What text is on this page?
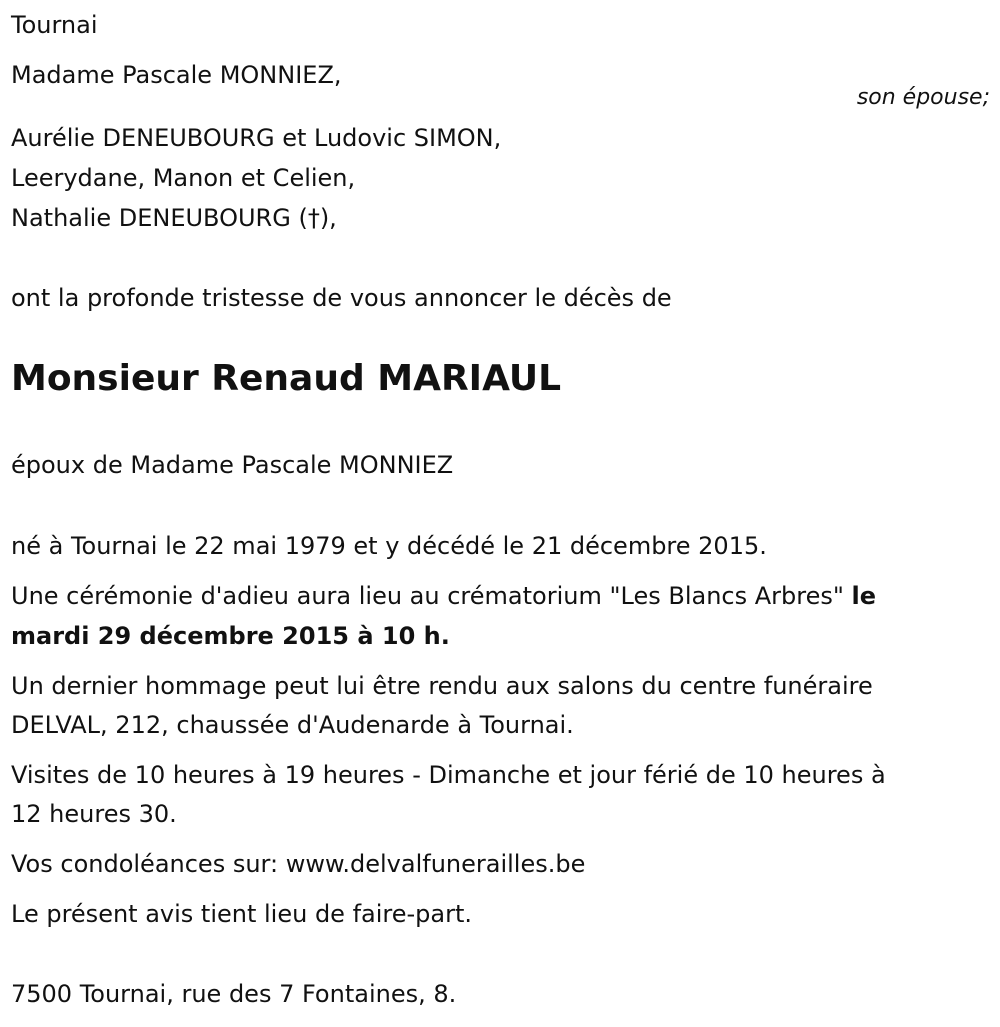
Tournai
Madame Pascale MONNIEZ,
son épouse;
Aurélie DENEUBOURG et Ludovic SIMON,
Leerydane, Manon et Celien,
Nathalie DENEUBOURG (†),
ont la profonde tristesse de vous annoncer le décès de
Monsieur Renaud MARIAUL
époux de Madame Pascale MONNIEZ
né à Tournai le 22 mai 1979 et y décédé le 21 décembre 2015.
Une cérémonie d'adieu aura lieu au crématorium "Les Blancs Arbres" le
mardi 29 décembre 2015 à 10 h.
Un dernier hommage peut lui être rendu aux salons du centre funéraire
DELVAL, 212, chaussée d'Audenarde à Tournai.
Visites de 10 heures à 19 heures - Dimanche et jour férié de 10 heures à
12 heures 30.
Vos condoléances sur: www.delvalfunerailles.be
Le présent avis tient lieu de faire-part.
7500 Tournai, rue des 7 Fontaines, 8.
